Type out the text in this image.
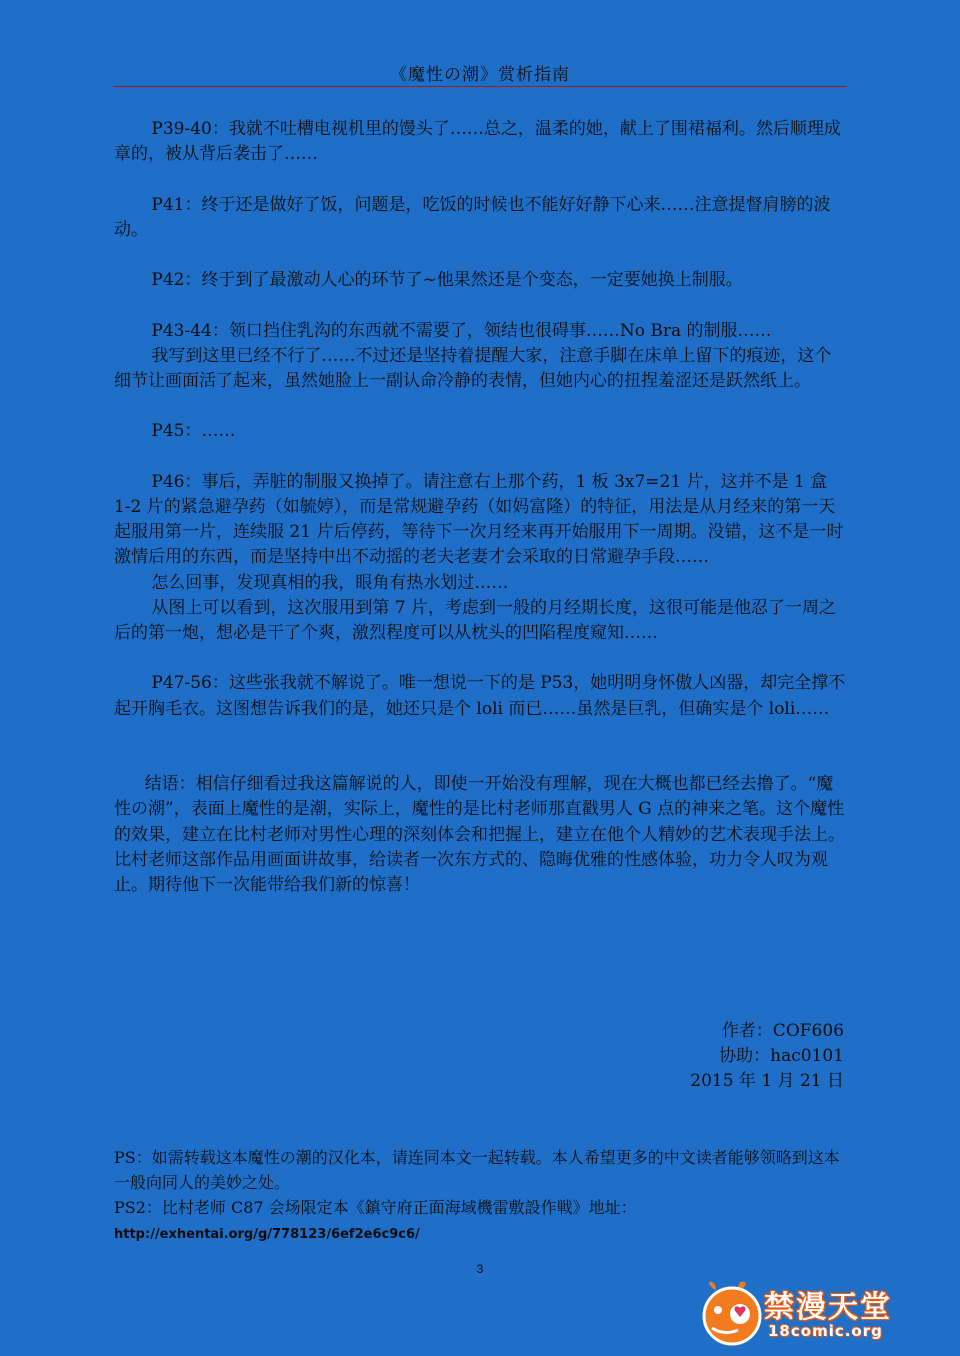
《魔性の潮》赏析指南

P39-40：我就不吐槽电视机里的馒头了……总之，温柔的她，献上了围裙福利。然后顺理成章的，被从背后袭击了……

P41：终于还是做好了饭，问题是，吃饭的时候也不能好好静下心来……注意提督肩膀的波动。

P42：终于到了最激动人心的环节了~他果然还是个变态，一定要她换上制服。

P43-44：领口挡住乳沟的东西就不需要了，领结也很碍事……No Bra 的制服……

我写到这里已经不行了……不过还是坚持着提醒大家，注意手脚在床单上留下的痕迹，这个细节让画面活了起来，虽然她脸上一副认命冷静的表情，但她内心的扭捏羞涩还是跃然纸上。

P45：……

P46：事后，弄脏的制服又换掉了。请注意右上那个药，1 板 3x7=21 片，这并不是 1 盒 1-2 片的紧急避孕药（如毓婷），而是常规避孕药（如妈富隆）的特征，用法是从月经来的第一天起服用第一片，连续服 21 片后停药，等待下一次月经来再开始服用下一周期。没错，这不是一时激情后用的东西，而是坚持中出不动摇的老夫老妻才会采取的日常避孕手段……

怎么回事，发现真相的我，眼角有热水划过……

从图上可以看到，这次服用到第 7 片，考虑到一般的月经期长度，这很可能是他忍了一周之后的第一炮，想必是干了个爽，激烈程度可以从枕头的凹陷程度窥知……

P47-56：这些张我就不解说了。唯一想说一下的是 P53，她明明身怀傲人凶器，却完全撑不起开胸毛衣。这图想告诉我们的是，她还只是个 loli 而已……虽然是巨乳，但确实是个 loli……

结语：相信仔细看过我这篇解说的人，即使一开始没有理解，现在大概也都已经去撸了。“魔性の潮”，表面上魔性的是潮，实际上，魔性的是比村老师那直戳男人 G 点的神来之笔。这个魔性的效果，建立在比村老师对男性心理的深刻体会和把握上，建立在他个人精妙的艺术表现手法上。比村老师这部作品用画面讲故事，给读者一次东方式的、隐晦优雅的性感体验，功力令人叹为观止。期待他下一次能带给我们新的惊喜！

作者：COF606
协助：hac0101
2015 年 1 月 21 日

PS：如需转载这本魔性の潮的汉化本，请连同本文一起转载。本人希望更多的中文读者能够领略到这本一般向同人的美妙之处。

PS2：比村老师 C87 会场限定本《鎮守府正面海域機雷敷設作戦》地址：

http://exhentai.org/g/778123/6ef2e6c9c6/

3
禁漫天堂
18comic.org
